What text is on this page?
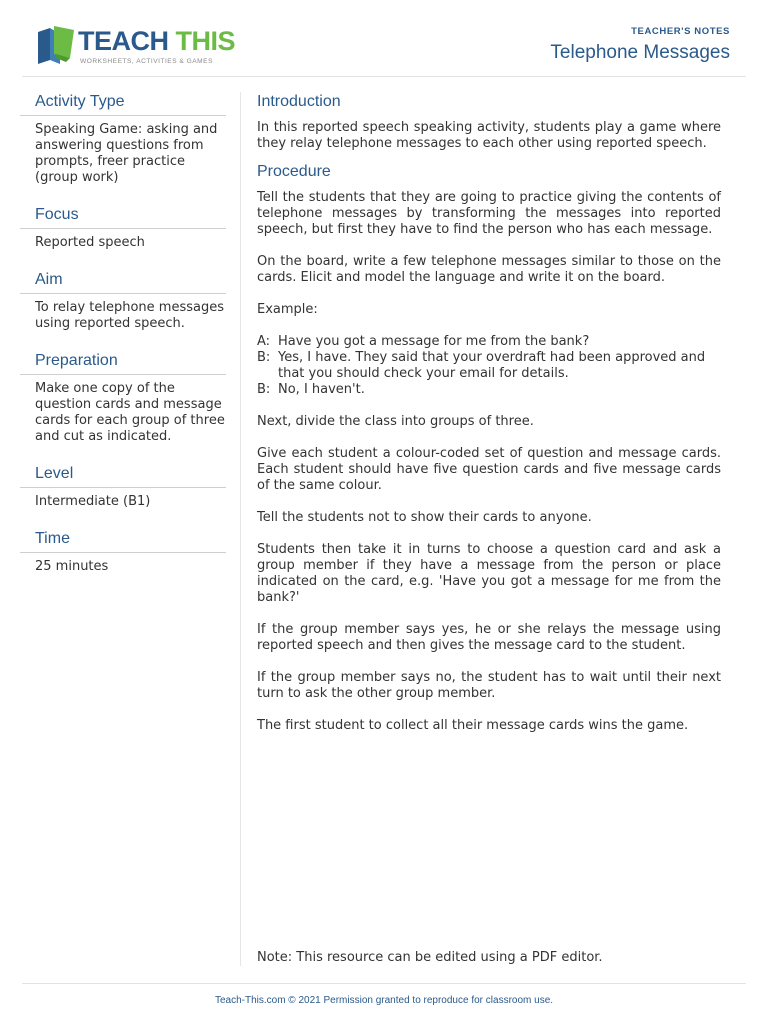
TEACH THIS
WORKSHEETS, ACTIVITIES & GAMES
TEACHER'S NOTES
Telephone Messages
Activity Type
Speaking Game: asking and answering questions from prompts, freer practice (group work)
Focus
Reported speech
Aim
To relay telephone messages using reported speech.
Preparation
Make one copy of the question cards and message cards for each group of three and cut as indicated.
Level
Intermediate (B1)
Time
25 minutes
Introduction

In this reported speech speaking activity, students play a game where they relay telephone messages to each other using reported speech.

Procedure

Tell the students that they are going to practice giving the contents of telephone messages by transforming the messages into reported speech, but first they have to find the person who has each message.

On the board, write a few telephone messages similar to those on the cards. Elicit and model the language and write it on the board.

Example:

A: Have you got a message for me from the bank?
B: Yes, I have. They said that your overdraft had been approved and that you should check your email for details.
B: No, I haven't.

Next, divide the class into groups of three.

Give each student a colour-coded set of question and message cards. Each student should have five question cards and five message cards of the same colour.

Tell the students not to show their cards to anyone.

Students then take it in turns to choose a question card and ask a group member if they have a message from the person or place indicated on the card, e.g. 'Have you got a message for me from the bank?'

If the group member says yes, he or she relays the message using reported speech and then gives the message card to the student.

If the group member says no, the student has to wait until their next turn to ask the other group member.

The first student to collect all their message cards wins the game.

Note: This resource can be edited using a PDF editor.
Teach-This.com © 2021 Permission granted to reproduce for classroom use.
